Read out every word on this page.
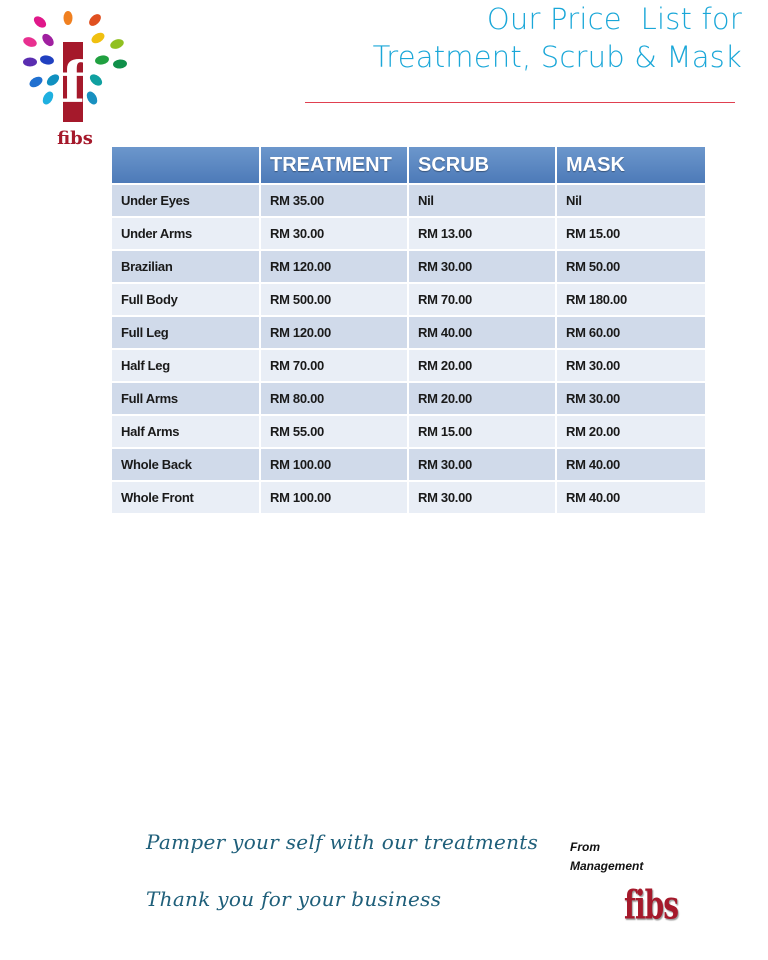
f
fibs
Our Price  List for
Treatment, Scrub & Mask
	TREATMENT	SCRUB	MASK
Under Eyes	RM 35.00	Nil	Nil
Under Arms	RM 30.00	RM 13.00	RM 15.00
Brazilian	RM 120.00	RM 30.00	RM 50.00
Full Body	RM 500.00	RM 70.00	RM 180.00
Full Leg	RM 120.00	RM 40.00	RM 60.00
Half Leg	RM 70.00	RM 20.00	RM 30.00
Full Arms	RM 80.00	RM 20.00	RM 30.00
Half Arms	RM 55.00	RM 15.00	RM 20.00
Whole Back	RM 100.00	RM 30.00	RM 40.00
Whole Front	RM 100.00	RM 30.00	RM 40.00
Pamper your self with our treatments
Thank you for your business
From
Management
fibs
